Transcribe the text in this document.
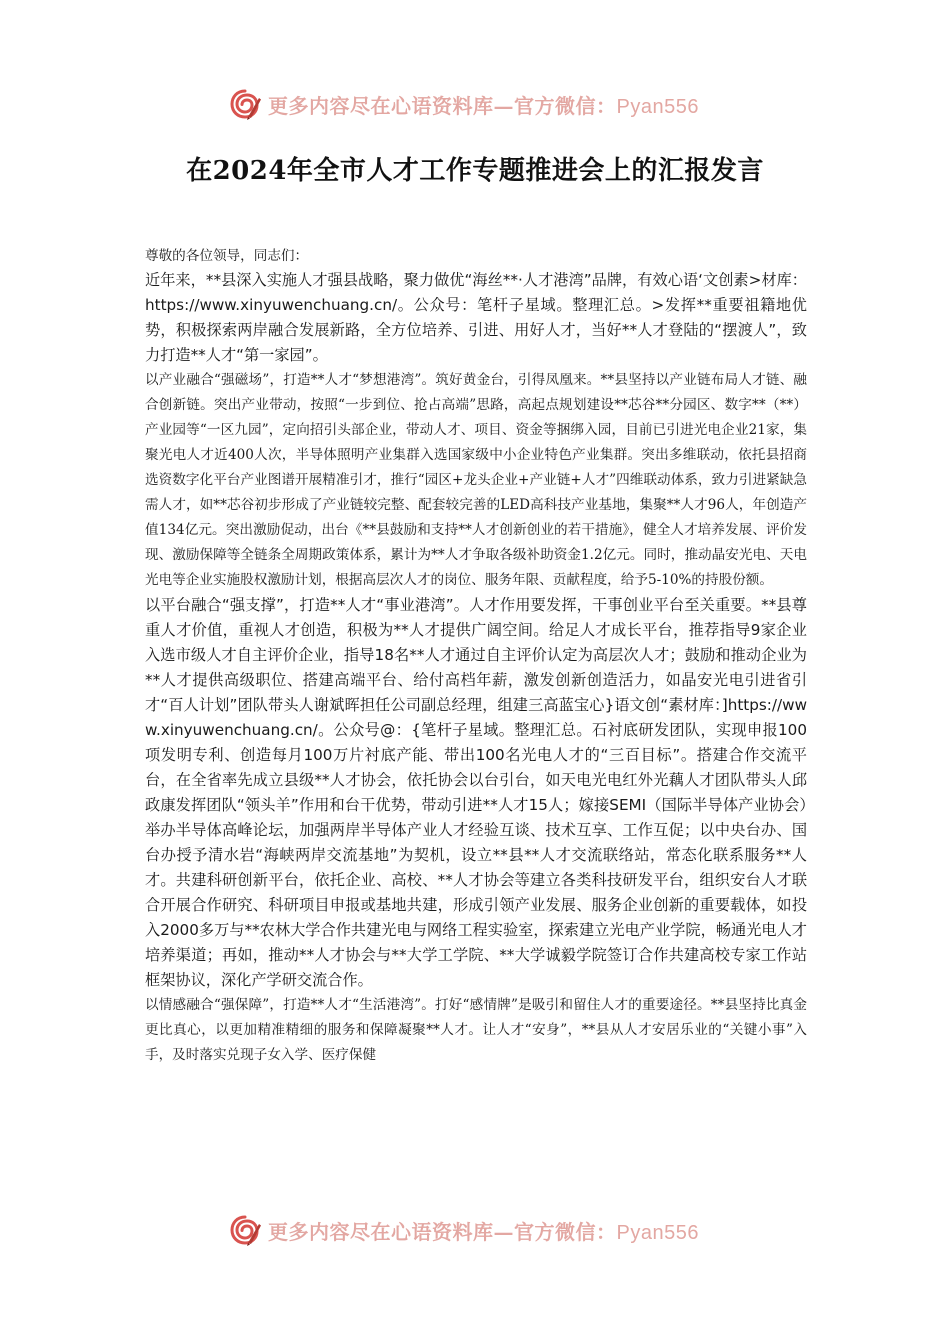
更多内容尽在心语资料库—官方微信：Pyan556
在2024年全市人才工作专题推进会上的汇报发言

尊敬的各位领导，同志们：

近年来，**县深入实施人才强县战略，聚力做优“海丝**·人才港湾”品牌，有效心语‘文创素>材库：https://www.xinyuwenchuang.cn/。公众号：笔杆子星域。整理汇总。>发挥**重要祖籍地优势，积极探索两岸融合发展新路，全方位培养、引进、用好人才，当好**人才登陆的“摆渡人”，致力打造**人才“第一家园”。

以产业融合“强磁场”，打造**人才“梦想港湾”。筑好黄金台，引得凤凰来。**县坚持以产业链布局人才链、融合创新链。突出产业带动，按照“一步到位、抢占高端”思路，高起点规划建设**芯谷**分园区、数字**（**）产业园等“一区九园”，定向招引头部企业，带动人才、项目、资金等捆绑入园，目前已引进光电企业21家，集聚光电人才近400人次，半导体照明产业集群入选国家级中小企业特色产业集群。突出多维联动，依托县招商选资数字化平台产业图谱开展精准引才，推行“园区+龙头企业+产业链+人才”四维联动体系，致力引进紧缺急需人才，如**芯谷初步形成了产业链较完整、配套较完善的LED高科技产业基地，集聚**人才96人，年创造产值134亿元。突出激励促动，出台《**县鼓励和支持**人才创新创业的若干措施》，健全人才培养发展、评价发现、激励保障等全链条全周期政策体系，累计为**人才争取各级补助资金1.2亿元。同时，推动晶安光电、天电光电等企业实施股权激励计划，根据高层次人才的岗位、服务年限、贡献程度，给予5-10%的持股份额。

以平台融合“强支撑”，打造**人才“事业港湾”。人才作用要发挥，干事创业平台至关重要。**县尊重人才价值，重视人才创造，积极为**人才提供广阔空间。给足人才成长平台，推荐指导9家企业入选市级人才自主评价企业，指导18名**人才通过自主评价认定为高层次人才；鼓励和推动企业为**人才提供高级职位、搭建高端平台、给付高档年薪，激发创新创造活力，如晶安光电引进省引才“百人计划”团队带头人谢斌晖担任公司副总经理，组建三高蓝宝心}语文创“素材库：]https://www.xinyuwenchuang.cn/。公众号@：{笔杆子星域。整理汇总。石衬底研发团队，实现申报100项发明专利、创造每月100万片衬底产能、带出100名光电人才的“三百目标”。搭建合作交流平台，在全省率先成立县级**人才协会，依托协会以台引台，如天电光电红外光藕人才团队带头人邱政康发挥团队“领头羊”作用和台干优势，带动引进**人才15人；嫁接SEMI（国际半导体产业协会）举办半导体高峰论坛，加强两岸半导体产业人才经验互谈、技术互享、工作互促；以中央台办、国台办授予清水岩“海峡两岸交流基地”为契机，设立**县**人才交流联络站，常态化联系服务**人才。共建科研创新平台，依托企业、高校、**人才协会等建立各类科技研发平台，组织安台人才联合开展合作研究、科研项目申报或基地共建，形成引领产业发展、服务企业创新的重要载体，如投入2000多万与**农林大学合作共建光电与网络工程实验室，探索建立光电产业学院，畅通光电人才培养渠道；再如，推动**人才协会与**大学工学院、**大学诚毅学院签订合作共建高校专家工作站框架协议，深化产学研交流合作。

以情感融合“强保障”，打造**人才“生活港湾”。打好“感情牌”是吸引和留住人才的重要途径。**县坚持比真金更比真心，以更加精准精细的服务和保障凝聚**人才。让人才“安身”，**县从人才安居乐业的“关键小事”入手，及时落实兑现子女入学、医疗保健

更多内容尽在心语资料库—官方微信：Pyan556
